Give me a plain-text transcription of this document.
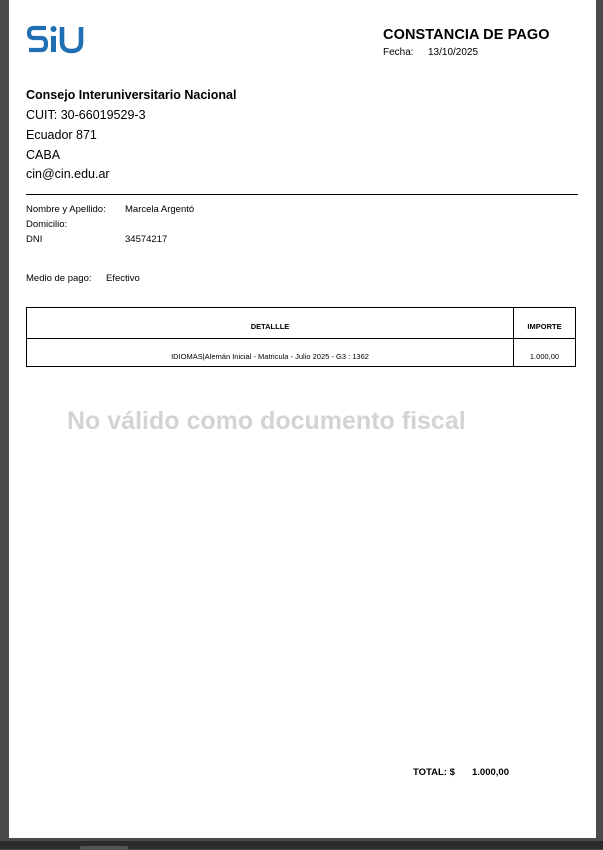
CONSTANCIA DE PAGO
Fecha: 13/10/2025
Consejo Interuniversitario Nacional
CUIT: 30-66019529-3
Ecuador 871
CABA
cin@cin.edu.ar
Nombre y Apellido: Marcela Argentó
Domicilio:
DNI	34574217
Medio de pago: Efectivo
DETALLLE	IMPORTE
IDIOMAS|Alemán Inicial - Matricula - Julio 2025 - G3 : 1362	1.000,00
No válido como documento fiscal
TOTAL: $ 1.000,00
